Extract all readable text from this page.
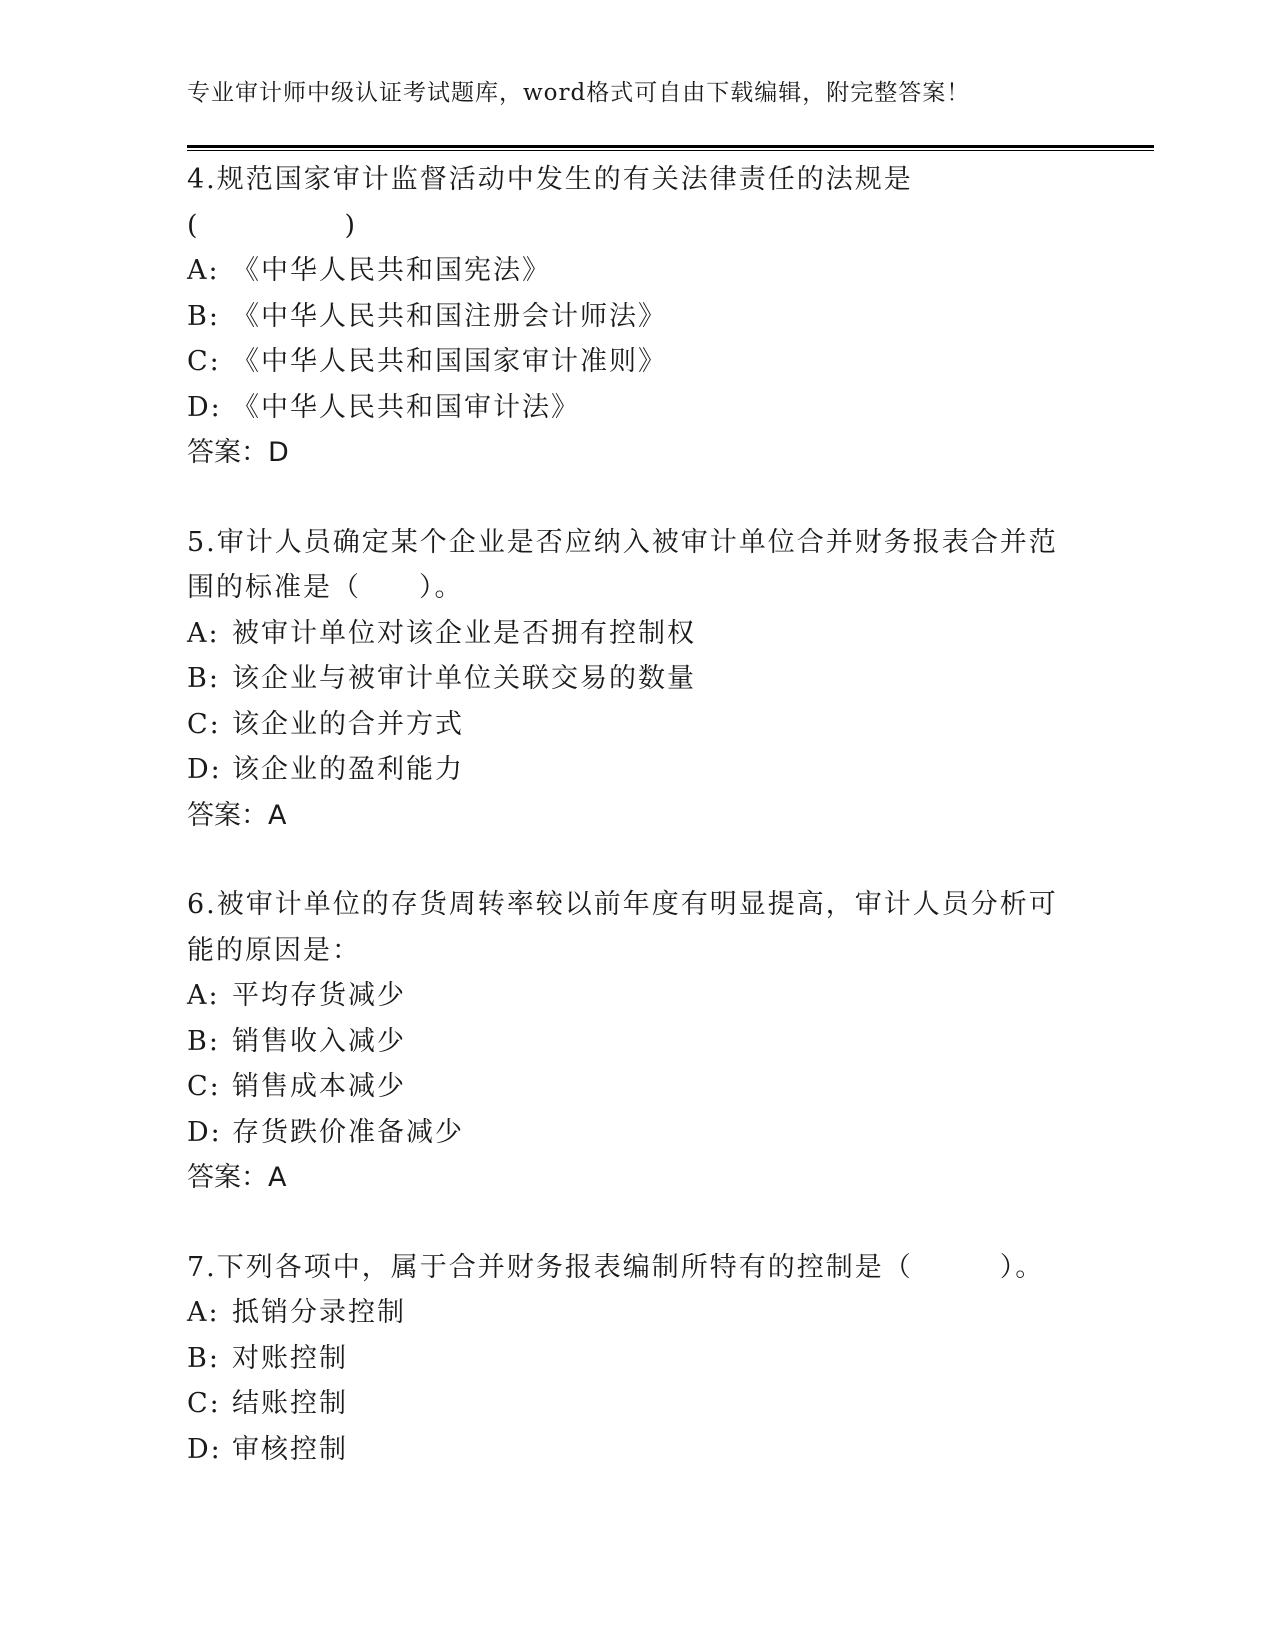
专业审计师中级认证考试题库，word格式可自由下载编辑，附完整答案！
4.规范国家审计监督活动中发生的有关法律责任的法规是
(　　　　　)
A: 《中华人民共和国宪法》
B: 《中华人民共和国注册会计师法》
C: 《中华人民共和国国家审计准则》
D: 《中华人民共和国审计法》
答案：D
5.审计人员确定某个企业是否应纳入被审计单位合并财务报表合并范
围的标准是（　　）。
A: 被审计单位对该企业是否拥有控制权
B: 该企业与被审计单位关联交易的数量
C: 该企业的合并方式
D: 该企业的盈利能力
答案：A
6.被审计单位的存货周转率较以前年度有明显提高，审计人员分析可
能的原因是：
A: 平均存货减少
B: 销售收入减少
C: 销售成本减少
D: 存货跌价准备减少
答案：A
7.下列各项中，属于合并财务报表编制所特有的控制是（　　　）。
A: 抵销分录控制
B: 对账控制
C: 结账控制
D: 审核控制
